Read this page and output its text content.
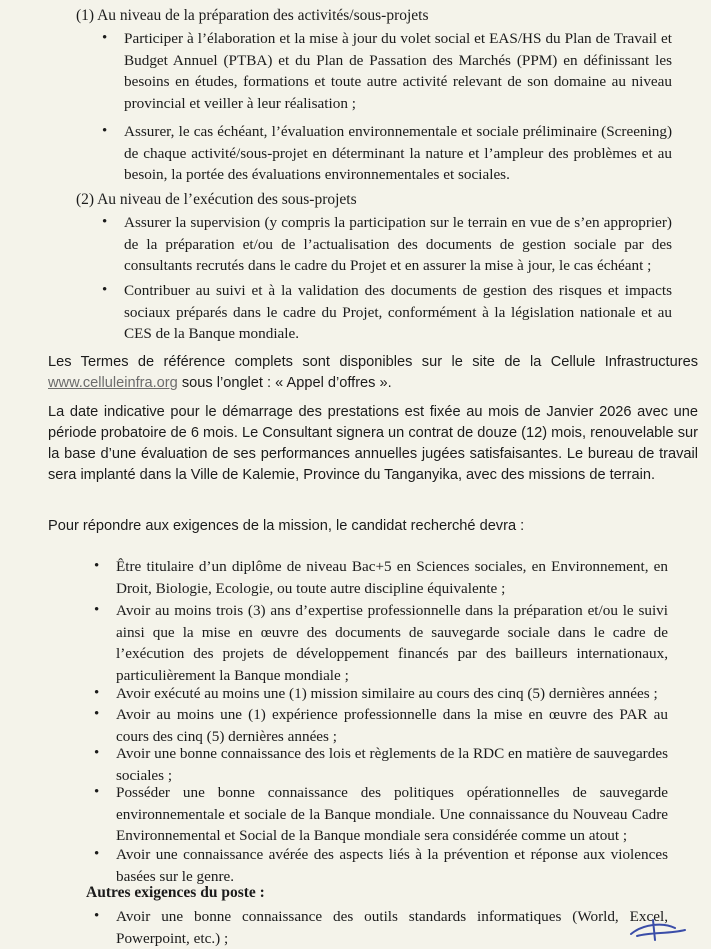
(1) Au niveau de la préparation des activités/sous-projets
• Participer à l’élaboration et la mise à jour du volet social et EAS/HS du Plan de Travail et Budget Annuel (PTBA) et du Plan de Passation des Marchés (PPM) en définissant les besoins en études, formations et toute autre activité relevant de son domaine au niveau provincial et veiller à leur réalisation ;
• Assurer, le cas échéant, l’évaluation environnementale et sociale préliminaire (Screening) de chaque activité/sous-projet en déterminant la nature et l’ampleur des problèmes et au besoin, la portée des évaluations environnementales et sociales.
(2) Au niveau de l’exécution des sous-projets
• Assurer la supervision (y compris la participation sur le terrain en vue de s’en approprier) de la préparation et/ou de l’actualisation des documents de gestion sociale par des consultants recrutés dans le cadre du Projet et en assurer la mise à jour, le cas échéant ;
• Contribuer au suivi et à la validation des documents de gestion des risques et impacts sociaux préparés dans le cadre du Projet, conformément à la législation nationale et au CES de la Banque mondiale.
Les Termes de référence complets sont disponibles sur le site de la Cellule Infrastructures www.celluleinfra.org sous l’onglet : « Appel d’offres ».
La date indicative pour le démarrage des prestations est fixée au mois de Janvier 2026 avec une période probatoire de 6 mois. Le Consultant signera un contrat de douze (12) mois, renouvelable sur la base d’une évaluation de ses performances annuelles jugées satisfaisantes. Le bureau de travail sera implanté dans la Ville de Kalemie, Province du Tanganyika, avec des missions de terrain.
Pour répondre aux exigences de la mission, le candidat recherché devra :
• Être titulaire d’un diplôme de niveau Bac+5 en Sciences sociales, en Environnement, en Droit, Biologie, Ecologie, ou toute autre discipline équivalente ;
• Avoir au moins trois (3) ans d’expertise professionnelle dans la préparation et/ou le suivi ainsi que la mise en œuvre des documents de sauvegarde sociale dans le cadre de l’exécution des projets de développement financés par des bailleurs internationaux, particulièrement la Banque mondiale ;
• Avoir exécuté au moins une (1) mission similaire au cours des cinq (5) dernières années ;
• Avoir au moins une (1) expérience professionnelle dans la mise en œuvre des PAR au cours des cinq (5) dernières années ;
• Avoir une bonne connaissance des lois et règlements de la RDC en matière de sauvegardes sociales ;
• Posséder une bonne connaissance des politiques opérationnelles de sauvegarde environnementale et sociale de la Banque mondiale. Une connaissance du Nouveau Cadre Environnemental et Social de la Banque mondiale sera considérée comme un atout ;
• Avoir une connaissance avérée des aspects liés à la prévention et réponse aux violences basées sur le genre.
Autres exigences du poste :
• Avoir une bonne connaissance des outils standards informatiques (World, Excel, Powerpoint, etc.) ;
